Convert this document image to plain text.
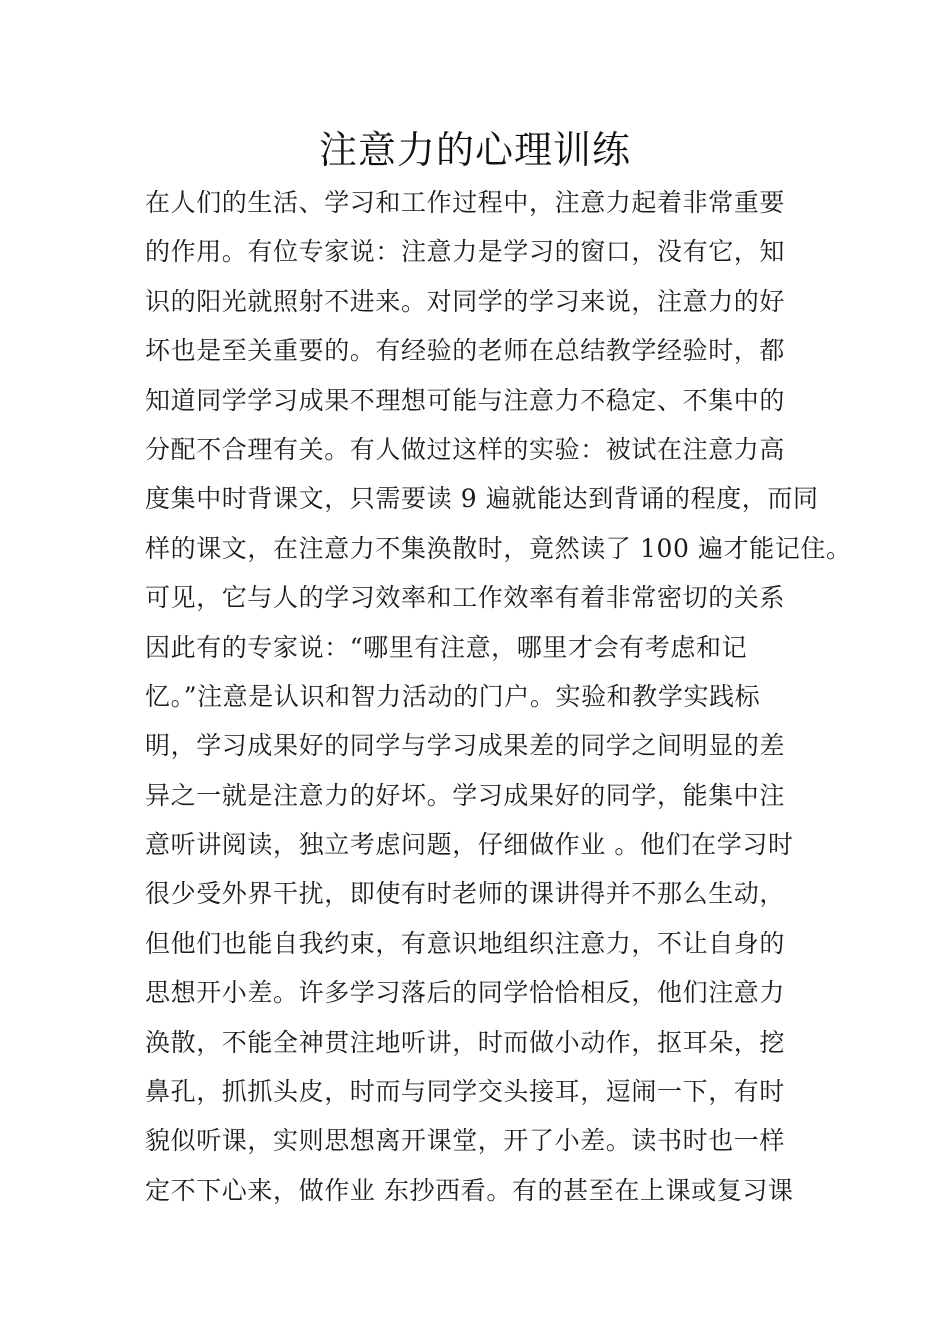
注意力的心理训练
在人们的生活、学习和工作过程中，注意力起着非常重要
的作用。有位专家说：注意力是学习的窗口，没有它，知
识的阳光就照射不进来。对同学的学习来说，注意力的好
坏也是至关重要的。有经验的老师在总结教学经验时，都
知道同学学习成果不理想可能与注意力不稳定、不集中的
分配不合理有关。有人做过这样的实验：被试在注意力高
度集中时背课文，只需要读 9 遍就能达到背诵的程度，而同
样的课文，在注意力不集涣散时，竟然读了 100 遍才能记住。
可见，它与人的学习效率和工作效率有着非常密切的关系
因此有的专家说：“哪里有注意，哪里才会有考虑和记
忆。”注意是认识和智力活动的门户。实验和教学实践标
明，学习成果好的同学与学习成果差的同学之间明显的差
异之一就是注意力的好坏。学习成果好的同学，能集中注
意听讲阅读，独立考虑问题，仔细做作业 。他们在学习时
很少受外界干扰，即使有时老师的课讲得并不那么生动，
但他们也能自我约束，有意识地组织注意力，不让自身的
思想开小差。许多学习落后的同学恰恰相反，他们注意力
涣散，不能全神贯注地听讲，时而做小动作，抠耳朵，挖
鼻孔，抓抓头皮，时而与同学交头接耳，逗闹一下，有时
貌似听课，实则思想离开课堂，开了小差。读书时也一样
定不下心来，做作业 东抄西看。有的甚至在上课或复习课
